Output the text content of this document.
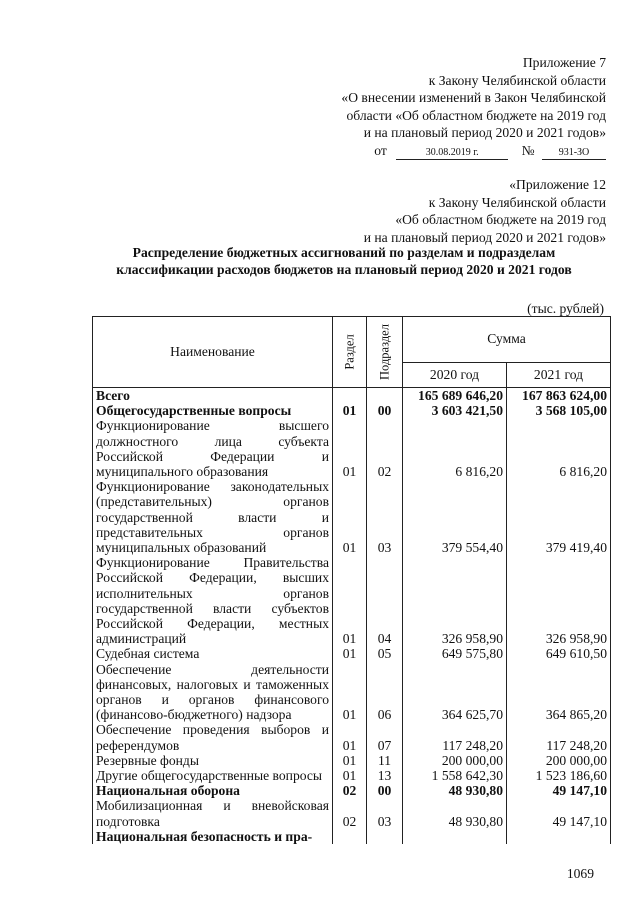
Приложение 7
к Закону Челябинской области
«О внесении изменений в Закон Челябинской
области «Об областном бюджете на 2019 год
и на плановый период 2020 и 2021 годов»
от	30.08.2019 г.	№ 931-ЗО
«Приложение 12
к Закону Челябинской области
«Об областном бюджете на 2019 год
и на плановый период 2020 и 2021 годов»
Распределение бюджетных ассигнований по разделам и подразделам
классификации расходов бюджетов на плановый период 2020 и 2021 годов
(тыс. рублей)
Наименование	Раздел	Подраздел	Сумма	
			2020 год	2021 год
Всего			165 689 646,20	167 863 624,00
Общегосударственные вопросы	01	00	3 603 421,50	3 568 105,00
Функционирование высшего должностного лица субъекта Российской Федерации и муниципального образования	01	02	6 816,20	6 816,20
Функционирование законодательных (представительных) органов государственной власти и представительных органов муниципальных образований	01	03	379 554,40	379 419,40
Функционирование Правительства Российской Федерации, высших исполнительных органов государственной власти субъектов Российской Федерации, местных администраций	01	04	326 958,90	326 958,90
Судебная система	01	05	649 575,80	649 610,50
Обеспечение деятельности финансовых, налоговых и таможенных органов и органов финансового (финансово-бюджетного) надзора	01	06	364 625,70	364 865,20
Обеспечение проведения выборов и референдумов	01	07	117 248,20	117 248,20
Резервные фонды	01	11	200 000,00	200 000,00
Другие общегосударственные вопросы	01	13	1 558 642,30	1 523 186,60
Национальная оборона	02	00	48 930,80	49 147,10
Мобилизационная и вневойсковая подготовка	02	03	48 930,80	49 147,10
Национальная безопасность и пра-				
1069
